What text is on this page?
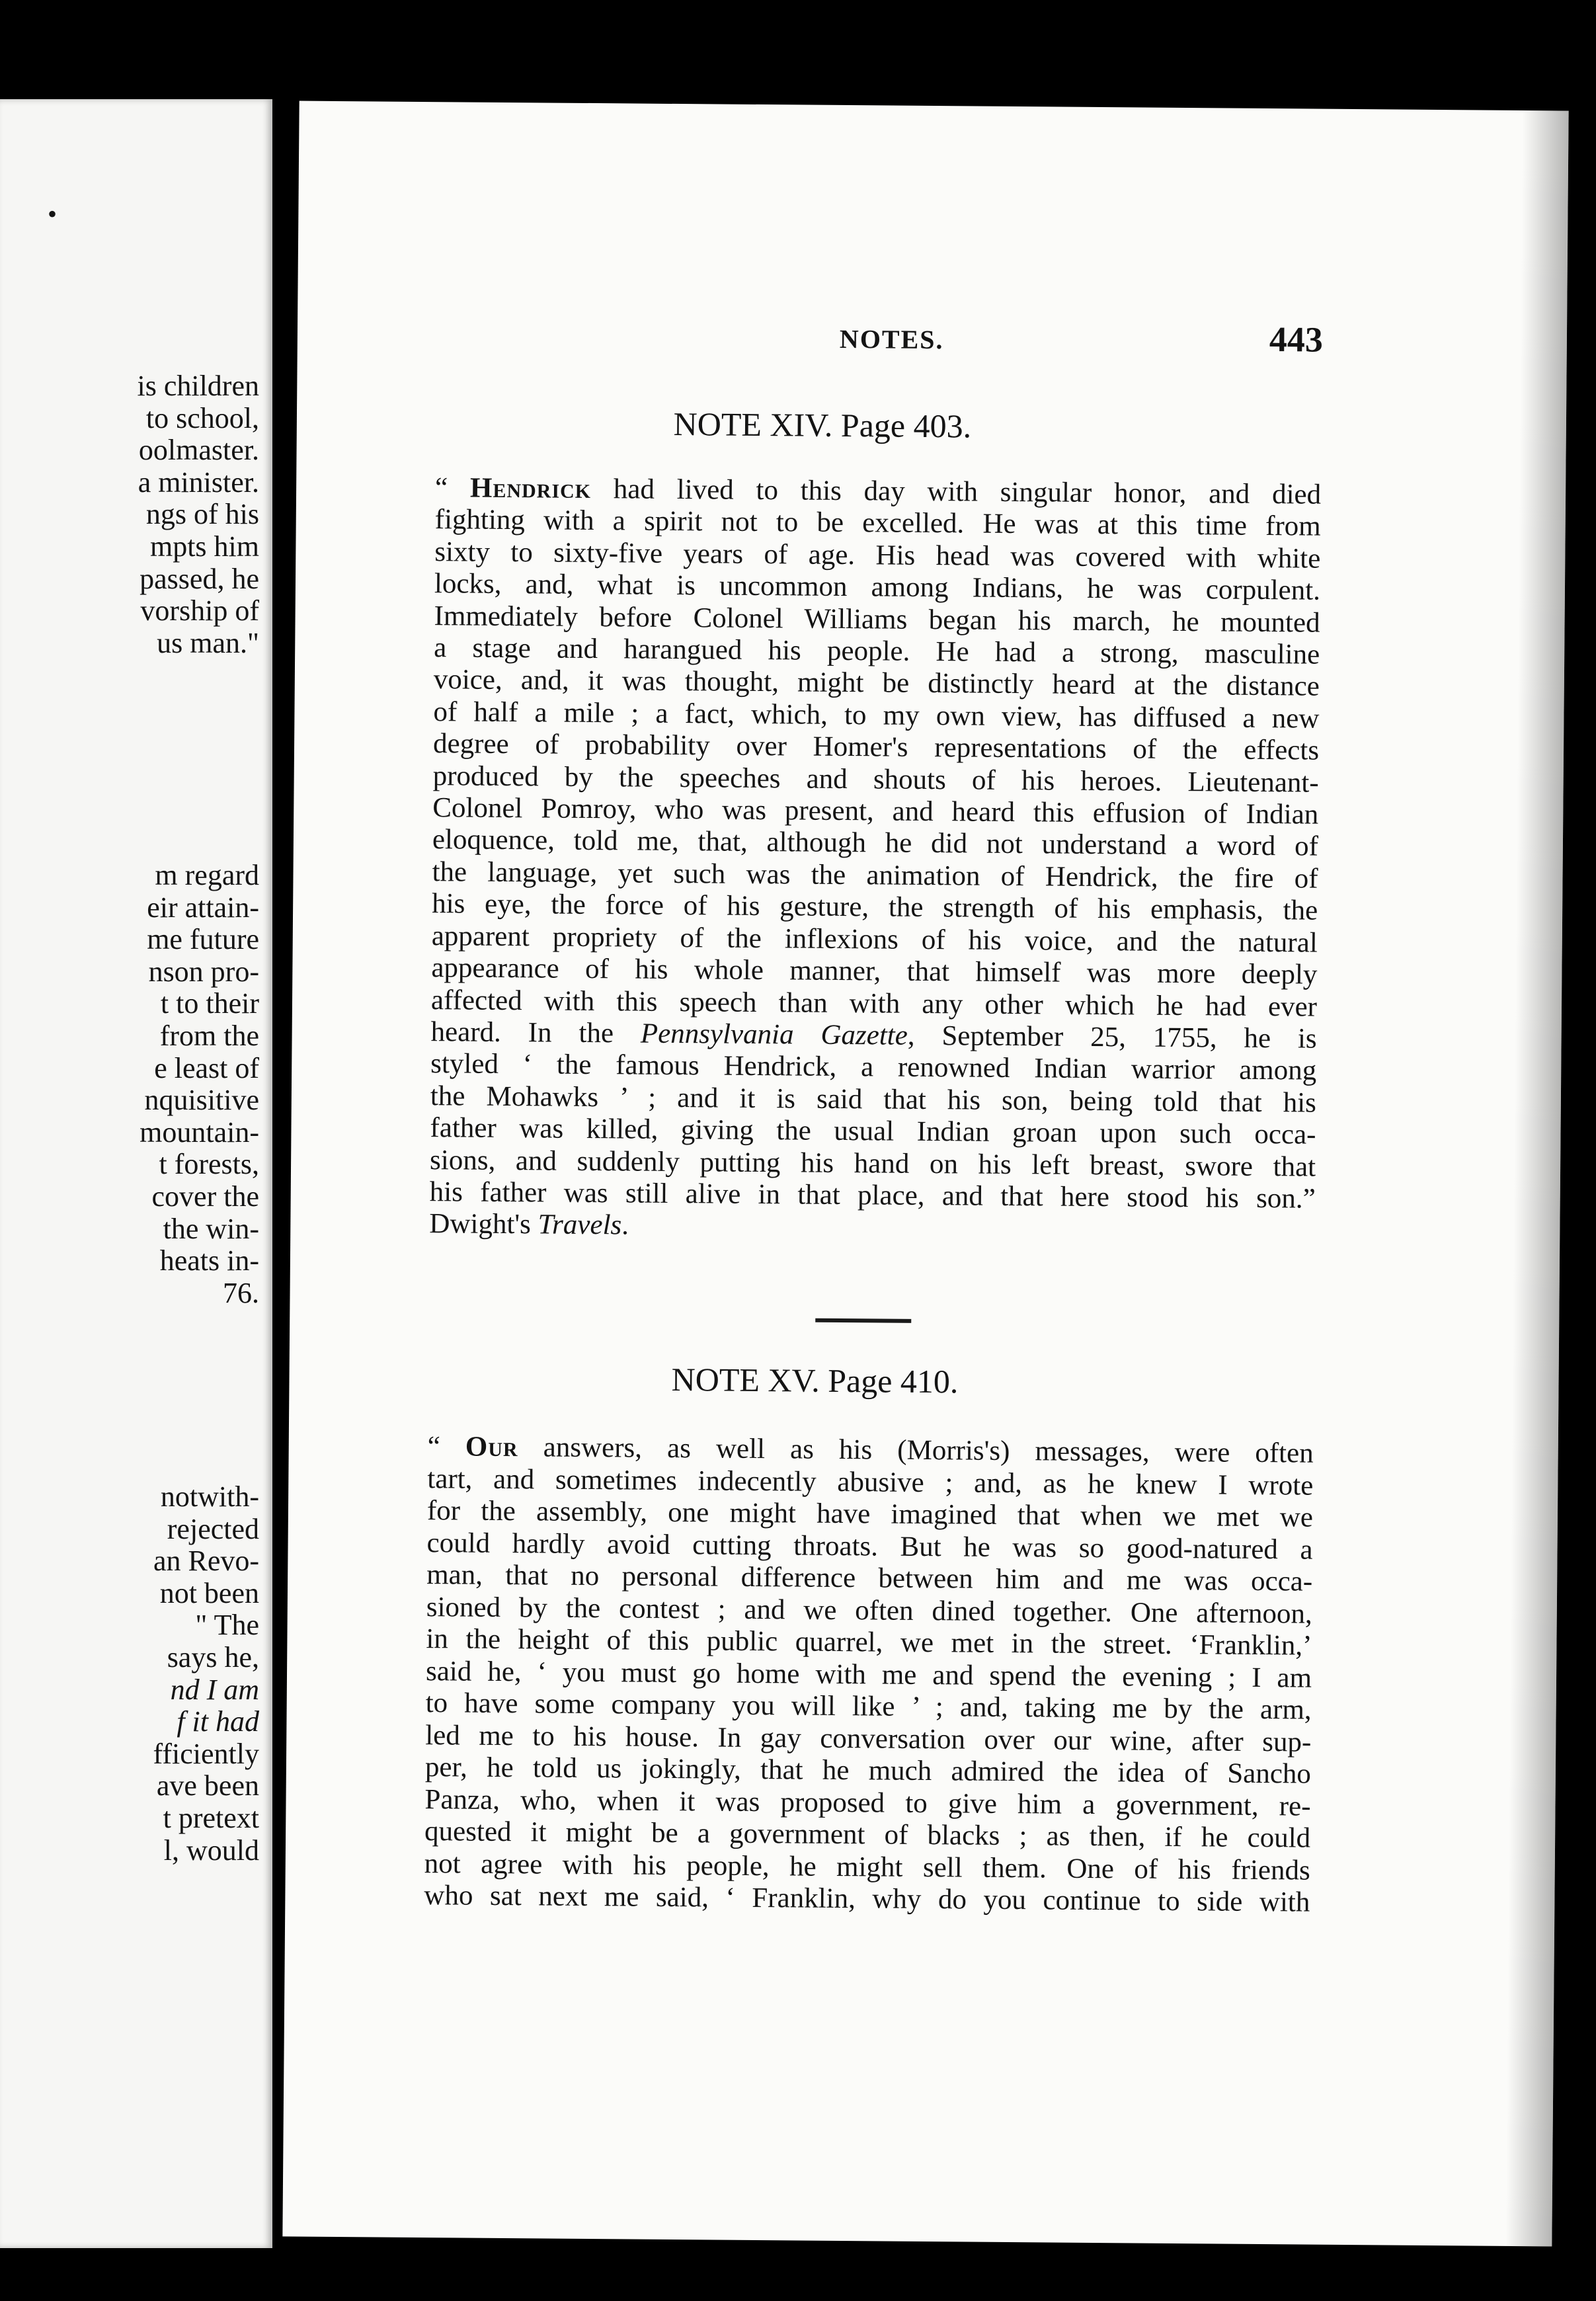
•
is children
to school,
oolmaster.
a minister.
ngs of his
mpts him
passed, he
vorship of
us man."
m regard
eir attain-
me future
nson pro-
t to their
from the
e least of
nquisitive
mountain-
t forests,
cover the
the win-
heats in-
76.
notwith-
rejected
an Revo-
not been
" The
says he,
nd I am
f it had
fficiently
ave been
t pretext
l, would
NOTES.	443
NOTE XIV. Page 403.
“ Hendrick had lived to this day with singular honor, and died
fighting with a spirit not to be excelled. He was at this time from
sixty to sixty-five years of age. His head was covered with white
locks, and, what is uncommon among Indians, he was corpulent.
Immediately before Colonel Williams began his march, he mounted
a stage and harangued his people. He had a strong, masculine
voice, and, it was thought, might be distinctly heard at the distance
of half a mile ; a fact, which, to my own view, has diffused a new
degree of probability over Homer's representations of the effects
produced by the speeches and shouts of his heroes. Lieutenant-
Colonel Pomroy, who was present, and heard this effusion of Indian
eloquence, told me, that, although he did not understand a word of
the language, yet such was the animation of Hendrick, the fire of
his eye, the force of his gesture, the strength of his emphasis, the
apparent propriety of the inflexions of his voice, and the natural
appearance of his whole manner, that himself was more deeply
affected with this speech than with any other which he had ever
heard. In the Pennsylvania Gazette, September 25, 1755, he is
styled ‘ the famous Hendrick, a renowned Indian warrior among
the Mohawks ’ ; and it is said that his son, being told that his
father was killed, giving the usual Indian groan upon such occa-
sions, and suddenly putting his hand on his left breast, swore that
his father was still alive in that place, and that here stood his son.”
Dwight's Travels.
NOTE XV. Page 410.
“ Our answers, as well as his (Morris's) messages, were often
tart, and sometimes indecently abusive ; and, as he knew I wrote
for the assembly, one might have imagined that when we met we
could hardly avoid cutting throats. But he was so good-natured a
man, that no personal difference between him and me was occa-
sioned by the contest ; and we often dined together. One afternoon,
in the height of this public quarrel, we met in the street. ‘Franklin,’
said he, ‘ you must go home with me and spend the evening ; I am
to have some company you will like ’ ; and, taking me by the arm,
led me to his house. In gay conversation over our wine, after sup-
per, he told us jokingly, that he much admired the idea of Sancho
Panza, who, when it was proposed to give him a government, re-
quested it might be a government of blacks ; as then, if he could
not agree with his people, he might sell them. One of his friends
who sat next me said, ‘ Franklin, why do you continue to side with
